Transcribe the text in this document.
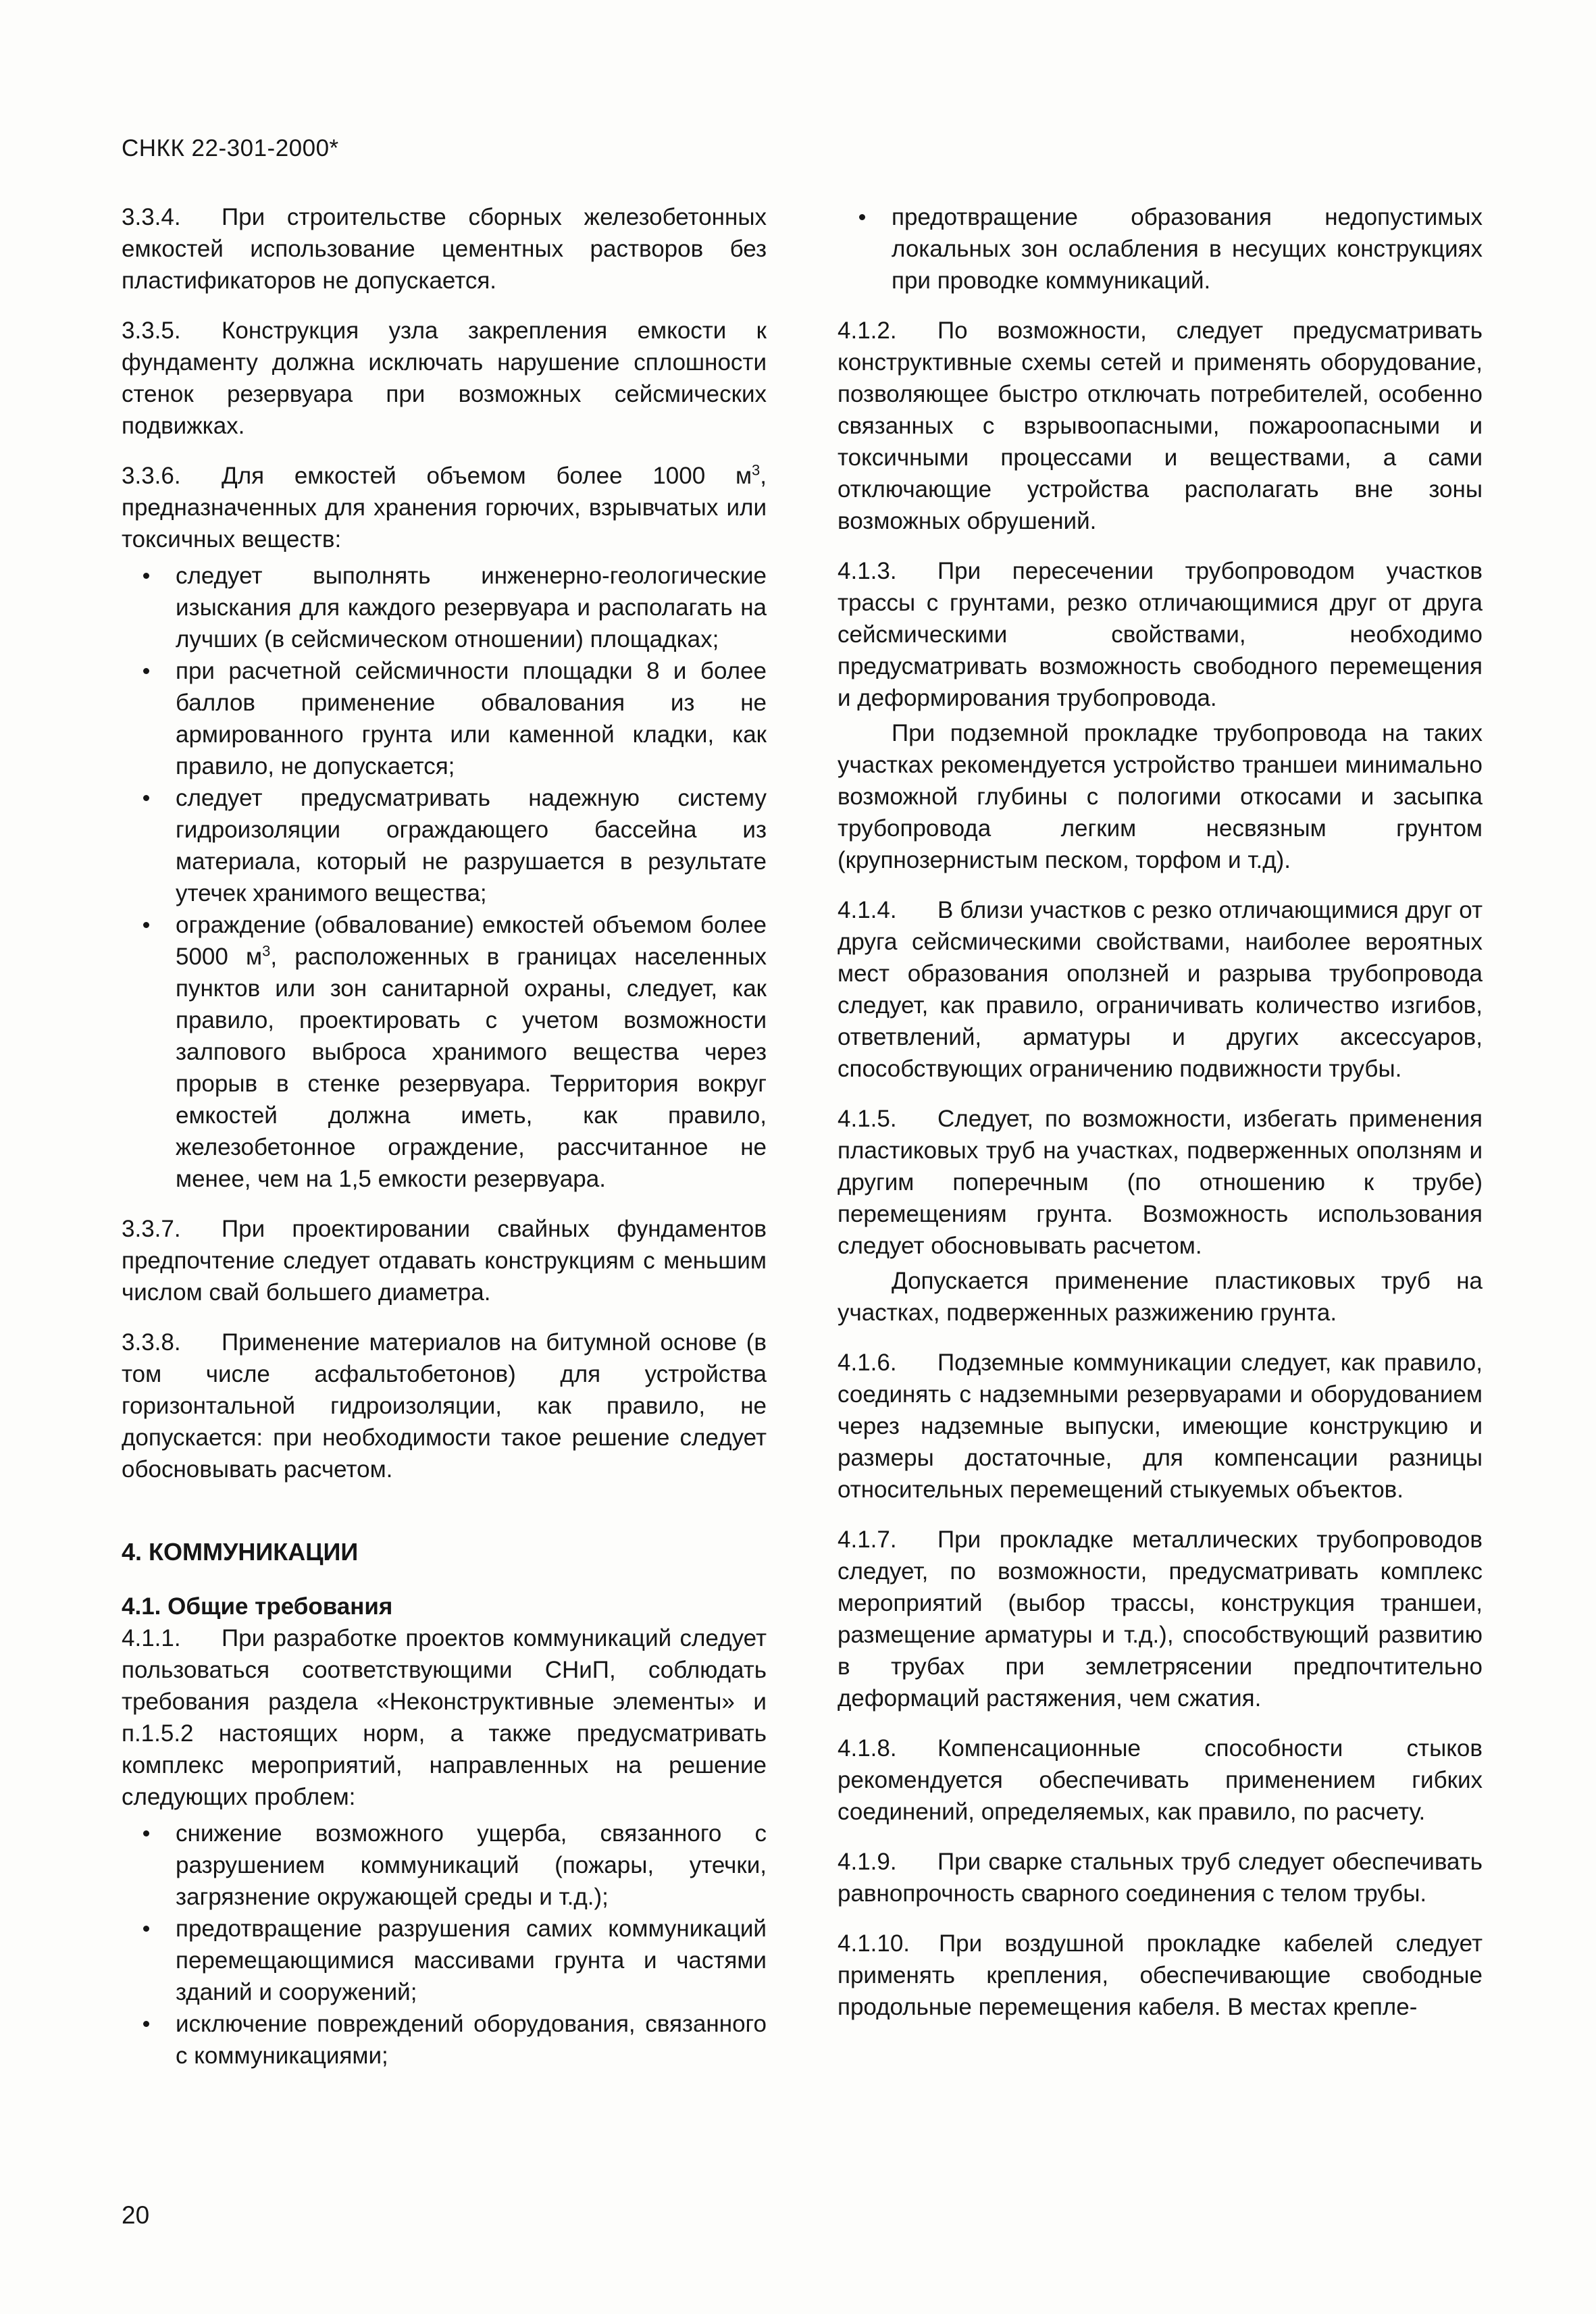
СНКК 22-301-2000*

3.3.4. При строительстве сборных железобетонных емкостей использование цементных растворов без пластификаторов не допускается.

3.3.5. Конструкция узла закрепления емкости к фундаменту должна исключать нарушение сплошности стенок резервуара при возможных сейсмических подвижках.

3.3.6. Для емкостей объемом более 1000 $м^3$, предназначенных для хранения горючих, взрывчатых или токсичных веществ:

следует выполнять инженерно-геологические изыскания для каждого резервуара и располагать на лучших (в сейсмическом отношении) площадках;
при расчетной сейсмичности площадки 8 и более баллов применение обвалования из не армированного грунта или каменной кладки, как правило, не допускается;
следует предусматривать надежную систему гидроизоляции ограждающего бассейна из материала, который не разрушается в результате утечек хранимого вещества;
ограждение (обвалование) емкостей объемом более 5000 $м^3$, расположенных в границах населенных пунктов или зон санитарной охраны, следует, как правило, проектировать с учетом возможности залпового выброса хранимого вещества через прорыв в стенке резервуара. Территория вокруг емкостей должна иметь, как правило, железобетонное ограждение, рассчитанное не менее, чем на 1,5 емкости резервуара.

3.3.7. При проектировании свайных фундаментов предпочтение следует отдавать конструкциям с меньшим числом свай большего диаметра.

3.3.8. Применение материалов на битумной основе (в том числе асфальтобетонов) для устройства горизонтальной гидроизоляции, как правило, не допускается: при необходимости такое решение следует обосновывать расчетом.

4. КОММУНИКАЦИИ
4.1. Общие требования

4.1.1. При разработке проектов коммуникаций следует пользоваться соответствующими СНиП, соблюдать требования раздела «Неконструктивные элементы» и п.1.5.2 настоящих норм, а также предусматривать комплекс мероприятий, направленных на решение следующих проблем:

снижение возможного ущерба, связанного с разрушением коммуникаций (пожары, утечки, загрязнение окружающей среды и т.д.);
предотвращение разрушения самих коммуникаций перемещающимися массивами грунта и частями зданий и сооружений;
исключение повреждений оборудования, связанного с коммуникациями;
предотвращение образования недопустимых локальных зон ослабления в несущих конструкциях при проводке коммуникаций.

4.1.2. По возможности, следует предусматривать конструктивные схемы сетей и применять оборудование, позволяющее быстро отключать потребителей, особенно связанных с взрывоопасными, пожароопасными и токсичными процессами и веществами, а сами отключающие устройства располагать вне зоны возможных обрушений.

4.1.3. При пересечении трубопроводом участков трассы с грунтами, резко отличающимися друг от друга сейсмическими свойствами, необходимо предусматривать возможность свободного перемещения и деформирования трубопровода.

При подземной прокладке трубопровода на таких участках рекомендуется устройство траншеи минимально возможной глубины с пологими откосами и засыпка трубопровода легким несвязным грунтом (крупнозернистым песком, торфом и т.д).

4.1.4. В близи участков с резко отличающимися друг от друга сейсмическими свойствами, наиболее вероятных мест образования оползней и разрыва трубопровода следует, как правило, ограничивать количество изгибов, ответвлений, арматуры и других аксессуаров, способствующих ограничению подвижности трубы.

4.1.5. Следует, по возможности, избегать применения пластиковых труб на участках, подверженных оползням и другим поперечным (по отношению к трубе) перемещениям грунта. Возможность использования следует обосновывать расчетом.

Допускается применение пластиковых труб на участках, подверженных разжижению грунта.

4.1.6. Подземные коммуникации следует, как правило, соединять с надземными резервуарами и оборудованием через надземные выпуски, имеющие конструкцию и размеры достаточные, для компенсации разницы относительных перемещений стыкуемых объектов.

4.1.7. При прокладке металлических трубопроводов следует, по возможности, предусматривать комплекс мероприятий (выбор трассы, конструкция траншеи, размещение арматуры и т.д.), способствующий развитию в трубах при землетрясении предпочтительно деформаций растяжения, чем сжатия.

4.1.8. Компенсационные способности стыков рекомендуется обеспечивать применением гибких соединений, определяемых, как правило, по расчету.

4.1.9. При сварке стальных труб следует обеспечивать равнопрочность сварного соединения с телом трубы.

4.1.10. При воздушной прокладке кабелей следует применять крепления, обеспечивающие свободные продольные перемещения кабеля. В местах крепле-

20
